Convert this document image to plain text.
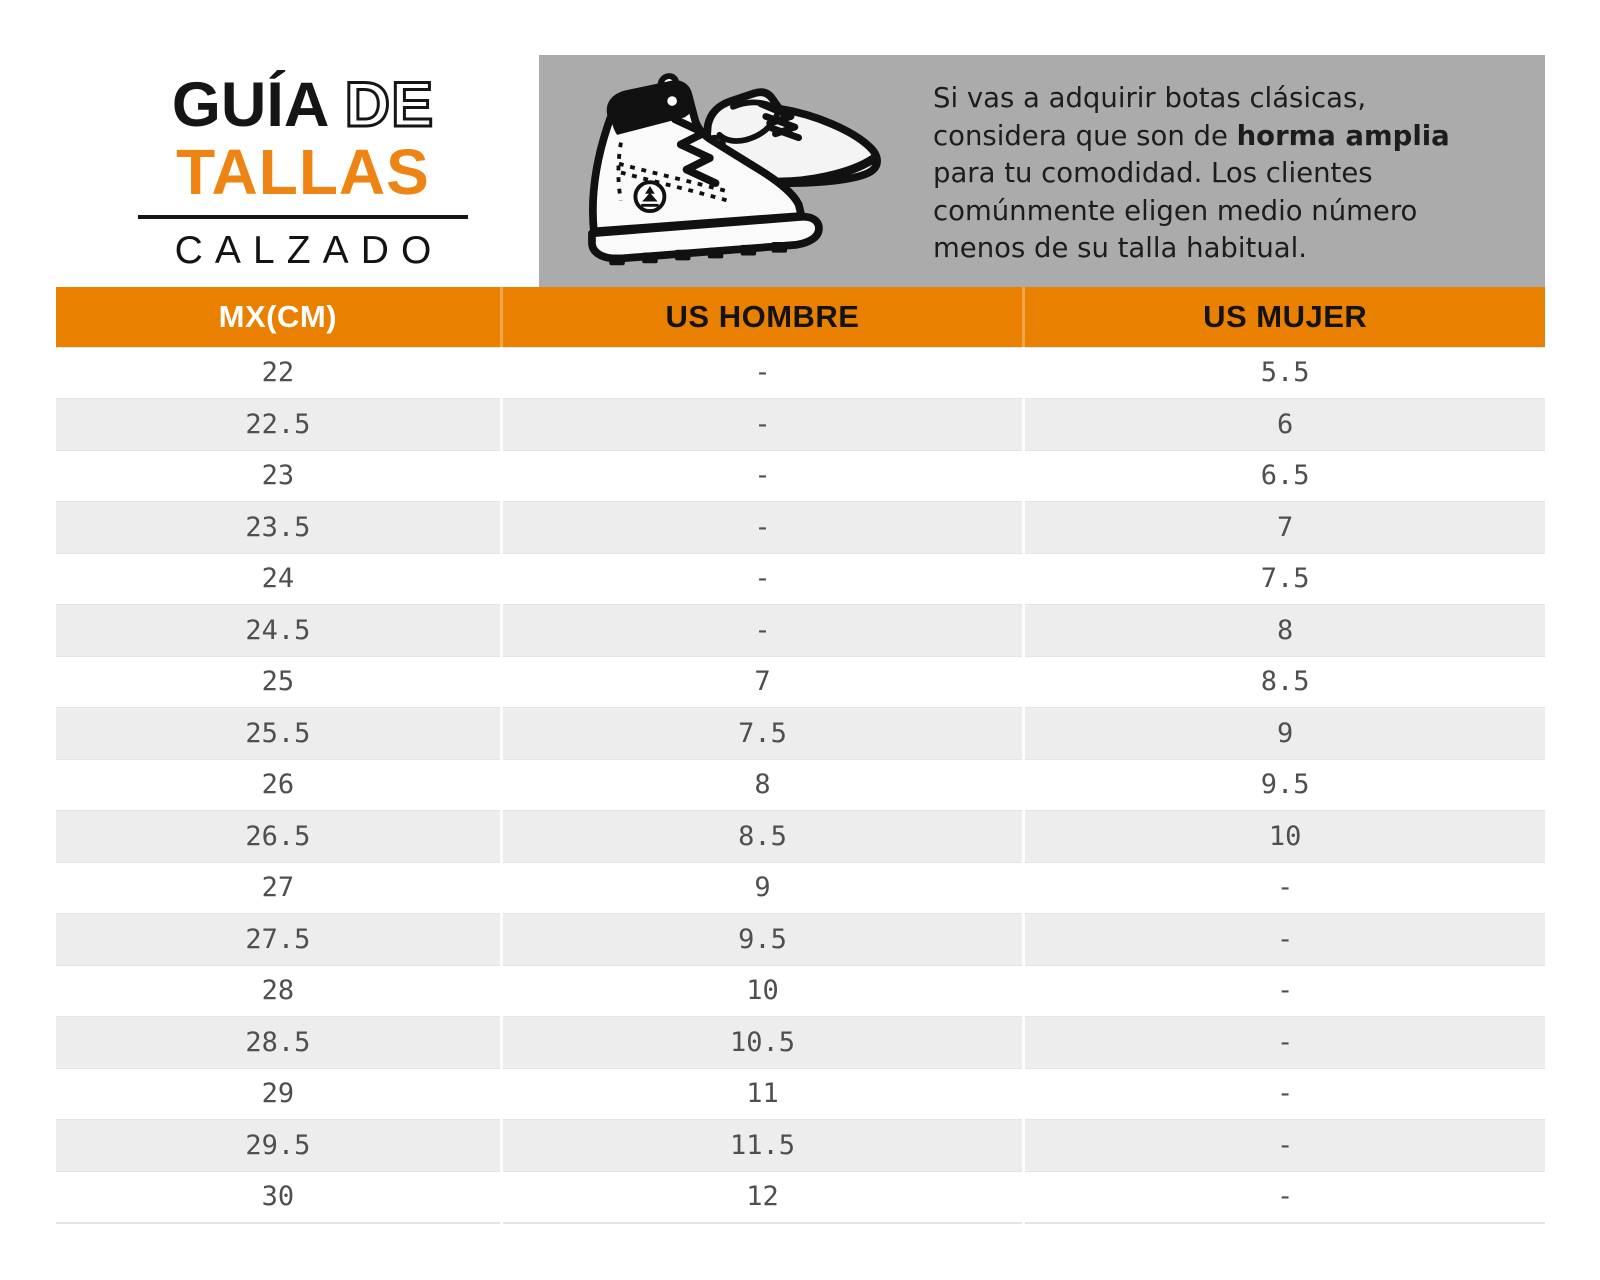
GUÍA DE
TALLAS
CALZADO
Si vas a adquirir botas clásicas, considera que son de horma amplia para tu comodidad. Los clientes comúnmente eligen medio número menos de su talla habitual.
MX(CM)	US HOMBRE	US MUJER
22	-	5.5
22.5	-	6
23	-	6.5
23.5	-	7
24	-	7.5
24.5	-	8
25	7	8.5
25.5	7.5	9
26	8	9.5
26.5	8.5	10
27	9	-
27.5	9.5	-
28	10	-
28.5	10.5	-
29	11	-
29.5	11.5	-
30	12	-
